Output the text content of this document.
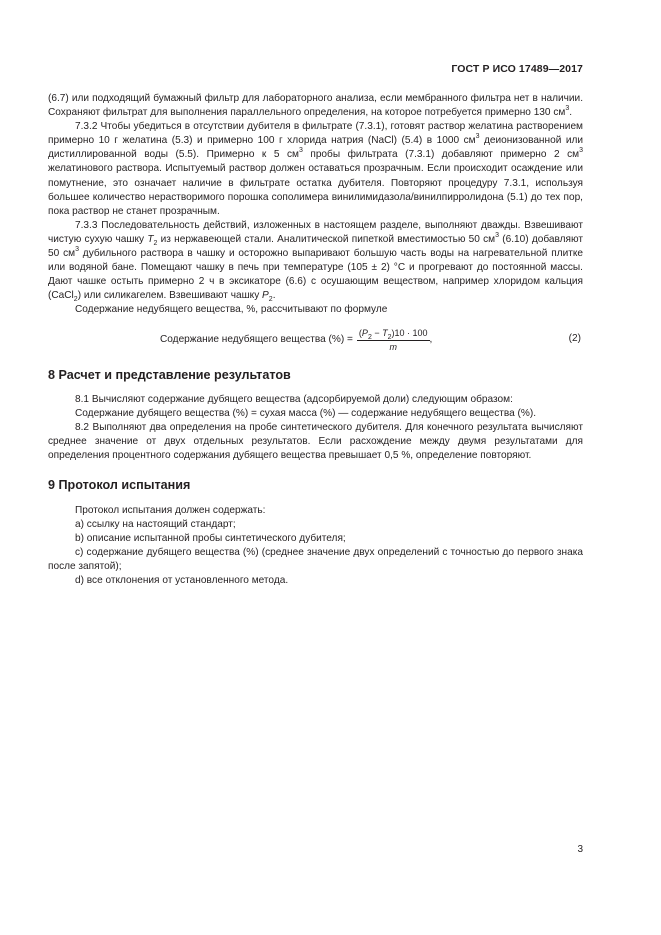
ГОСТ Р ИСО 17489—2017

(6.7) или подходящий бумажный фильтр для лабораторного анализа, если мембранного фильтра нет в наличии. Сохраняют фильтрат для выполнения параллельного определения, на которое потребуется примерно 130 $см^3$.

7.3.2 Чтобы убедиться в отсутствии дубителя в фильтрате (7.3.1), готовят раствор желатина растворением примерно 10 г желатина (5.3) и примерно 100 г хлорида натрия (NaCl) (5.4) в 1000 $см^3$ деионизованной или дистиллированной воды (5.5). Примерно к 5 $см^3$ пробы фильтрата (7.3.1) добавляют примерно 2 $см^3$ желатинового раствора. Испытуемый раствор должен оставаться прозрачным. Если происходит осаждение или помутнение, это означает наличие в фильтрате остатка дубителя. Повторяют процедуру 7.3.1, используя большее количество нерастворимого порошка сополимера винилимидазола/винилпирролидона (5.1) до тех пор, пока раствор не станет прозрачным.

7.3.3 Последовательность действий, изложенных в настоящем разделе, выполняют дважды. Взвешивают чистую сухую чашку $T_2$ из нержавеющей стали. Аналитической пипеткой вместимостью 50 $см^3$ (6.10) добавляют 50 $см^3$ дубильного раствора в чашку и осторожно выпаривают большую часть воды на нагревательной плитке или водяной бане. Помещают чашку в печь при температуре (105 ± 2) °С и прогревают до постоянной массы. Дают чашке остыть примерно 2 ч в эксикаторе (6.6) с осушающим веществом, например хлоридом кальция (CaCl$_2$) или силикагелем. Взвешивают чашку $P_2$.

Содержание недубящего вещества, %, рассчитывают по формуле

Содержание недубящего вещества (%) = $\frac{(P_2 - T_2)10 \cdot 100}{m}$ ,	(2)
8 Расчет и представление результатов

8.1 Вычисляют содержание дубящего вещества (адсорбируемой доли) следующим образом:

Содержание дубящего вещества (%) = сухая масса (%) — содержание недубящего вещества (%).

8.2 Выполняют два определения на пробе синтетического дубителя. Для конечного результата вычисляют среднее значение от двух отдельных результатов. Если расхождение между двумя результатами для определения процентного содержания дубящего вещества превышает 0,5 %, определение повторяют.

9 Протокол испытания

Протокол испытания должен содержать:

a) ссылку на настоящий стандарт;

b) описание испытанной пробы синтетического дубителя;

c) содержание дубящего вещества (%) (среднее значение двух определений с точностью до первого знака после запятой);

d) все отклонения от установленного метода.

3
